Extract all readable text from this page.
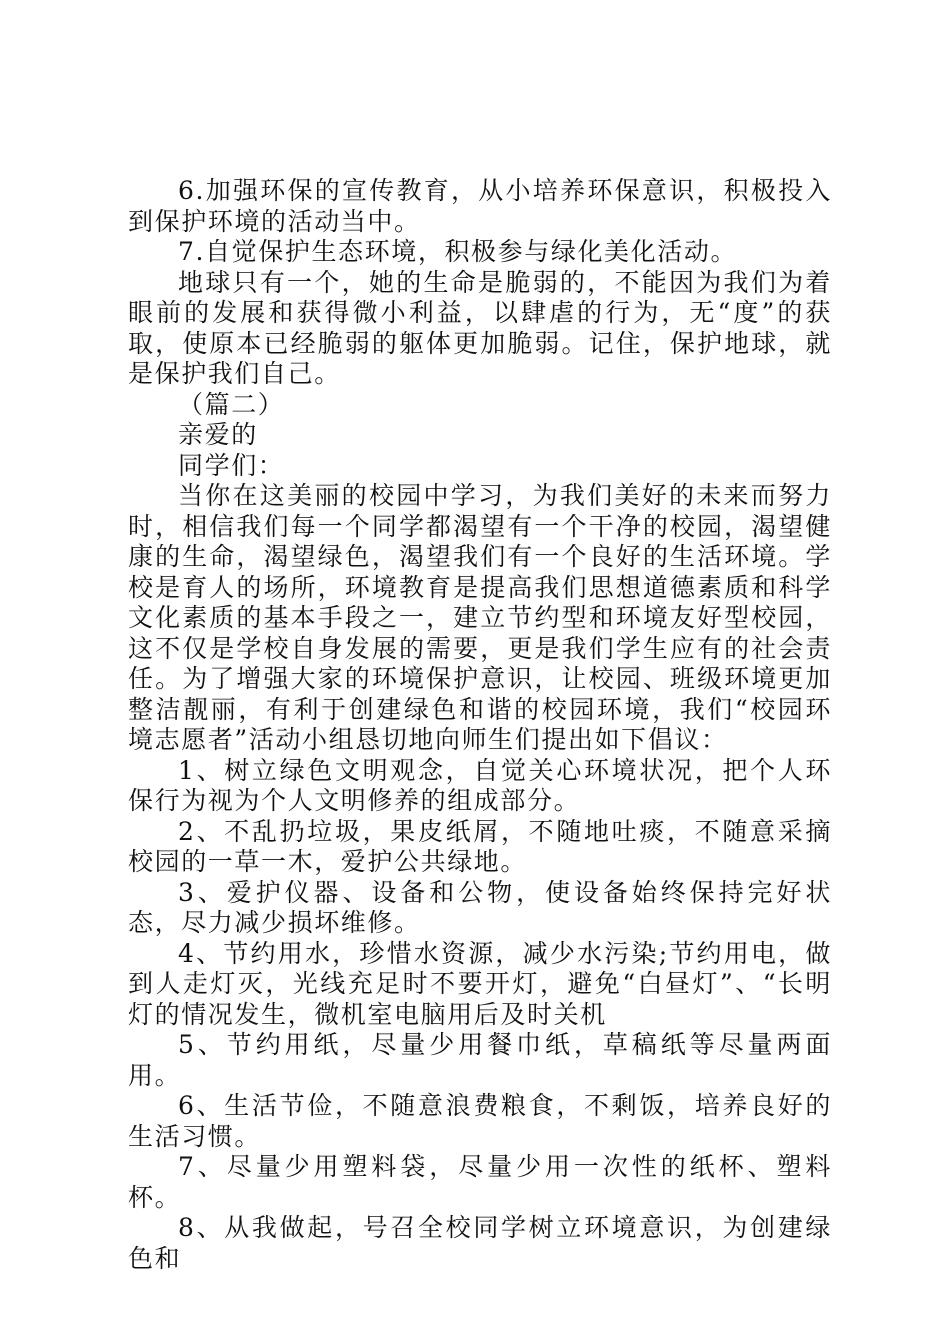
6.加强环保的宣传教育，从小培养环保意识，积极投入到保护环境的活动当中。

7.自觉保护生态环境，积极参与绿化美化活动。

地球只有一个，她的生命是脆弱的，不能因为我们为着眼前的发展和获得微小利益，以肆虐的行为，无“度”的获取，使原本已经脆弱的躯体更加脆弱。记住，保护地球，就是保护我们自己。

（篇二）

亲爱的

同学们：

当你在这美丽的校园中学习，为我们美好的未来而努力时，相信我们每一个同学都渴望有一个干净的校园，渴望健康的生命，渴望绿色，渴望我们有一个良好的生活环境。学校是育人的场所，环境教育是提高我们思想道德素质和科学文化素质的基本手段之一，建立节约型和环境友好型校园，这不仅是学校自身发展的需要，更是我们学生应有的社会责任。为了增强大家的环境保护意识，让校园、班级环境更加整洁靓丽，有利于创建绿色和谐的校园环境，我们“校园环境志愿者”活动小组恳切地向师生们提出如下倡议：

1、树立绿色文明观念，自觉关心环境状况，把个人环保行为视为个人文明修养的组成部分。

2、不乱扔垃圾，果皮纸屑，不随地吐痰，不随意采摘校园的一草一木，爱护公共绿地。

3、爱护仪器、设备和公物，使设备始终保持完好状态，尽力减少损坏维修。

4、节约用水，珍惜水资源，减少水污染;节约用电，做到人走灯灭，光线充足时不要开灯，避免“白昼灯”、“长明灯的情况发生，微机室电脑用后及时关机

5、节约用纸，尽量少用餐巾纸，草稿纸等尽量两面用。

6、生活节俭，不随意浪费粮食，不剩饭，培养良好的生活习惯。

7、尽量少用塑料袋，尽量少用一次性的纸杯、塑料杯。

8、从我做起，号召全校同学树立环境意识，为创建绿色和
